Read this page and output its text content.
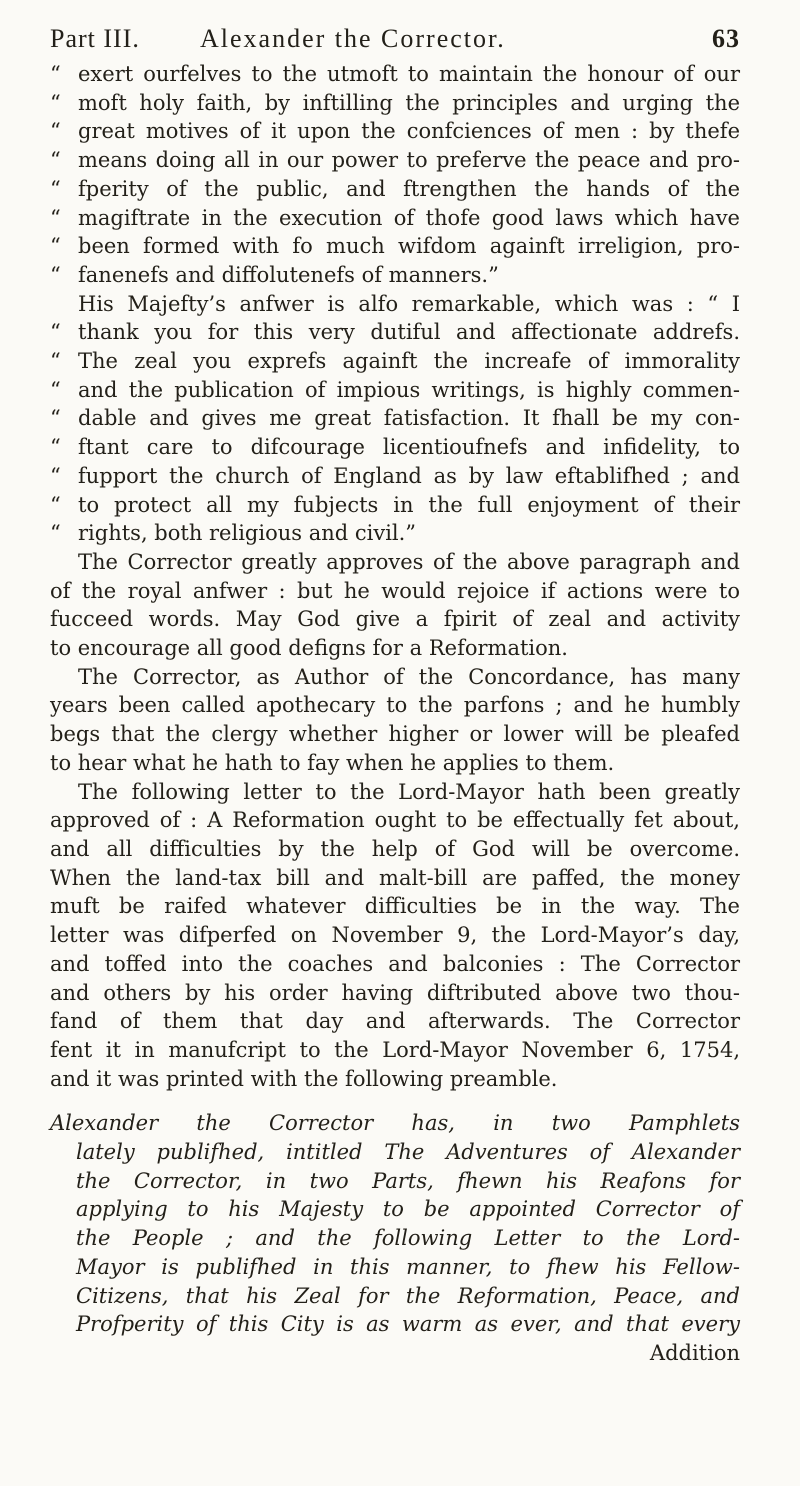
Part III. Alexander the Corrector.	63
“ exert ourfelves to the utmoft to maintain the honour of our
“ moft holy faith, by inftilling the principles and urging the
“ great motives of it upon the confciences of men : by thefe
“ means doing all in our power to preferve the peace and pro-
“ fperity of the public, and ftrengthen the hands of the
“ magiftrate in the execution of thofe good laws which have
“ been formed with fo much wifdom againft irreligion, pro-
“ fanenefs and diffolutenefs of manners.”
His Majefty’s anfwer is alfo remarkable, which was : “ I
“ thank you for this very dutiful and affectionate addrefs.
“ The zeal you exprefs againft the increafe of immorality
“ and the publication of impious writings, is highly commen-
“ dable and gives me great fatisfaction. It fhall be my con-
“ ftant care to difcourage licentioufnefs and infidelity, to
“ fupport the church of England as by law eftablifhed ; and
“ to protect all my fubjects in the full enjoyment of their
“ rights, both religious and civil.”
The Corrector greatly approves of the above paragraph and
of the royal anfwer : but he would rejoice if actions were to
fucceed words. May God give a fpirit of zeal and activity
to encourage all good defigns for a Reformation.
The Corrector, as Author of the Concordance, has many
years been called apothecary to the parfons ; and he humbly
begs that the clergy whether higher or lower will be pleafed
to hear what he hath to fay when he applies to them.
The following letter to the Lord-Mayor hath been greatly
approved of : A Reformation ought to be effectually fet about,
and all difficulties by the help of God will be overcome.
When the land-tax bill and malt-bill are paffed, the money
muft be raifed whatever difficulties be in the way. The
letter was difperfed on November 9, the Lord-Mayor’s day,
and toffed into the coaches and balconies : The Corrector
and others by his order having diftributed above two thou-
fand of them that day and afterwards. The Corrector
fent it in manufcript to the Lord-Mayor November 6, 1754,
and it was printed with the following preamble.
Alexander the Corrector has, in two Pamphlets
lately publifhed, intitled The Adventures of Alexander
the Corrector, in two Parts, fhewn his Reafons for
applying to his Majesty to be appointed Corrector of
the People ; and the following Letter to the Lord-
Mayor is publifhed in this manner, to fhew his Fellow-
Citizens, that his Zeal for the Reformation, Peace, and
Profperity of this City is as warm as ever, and that every
Addition
